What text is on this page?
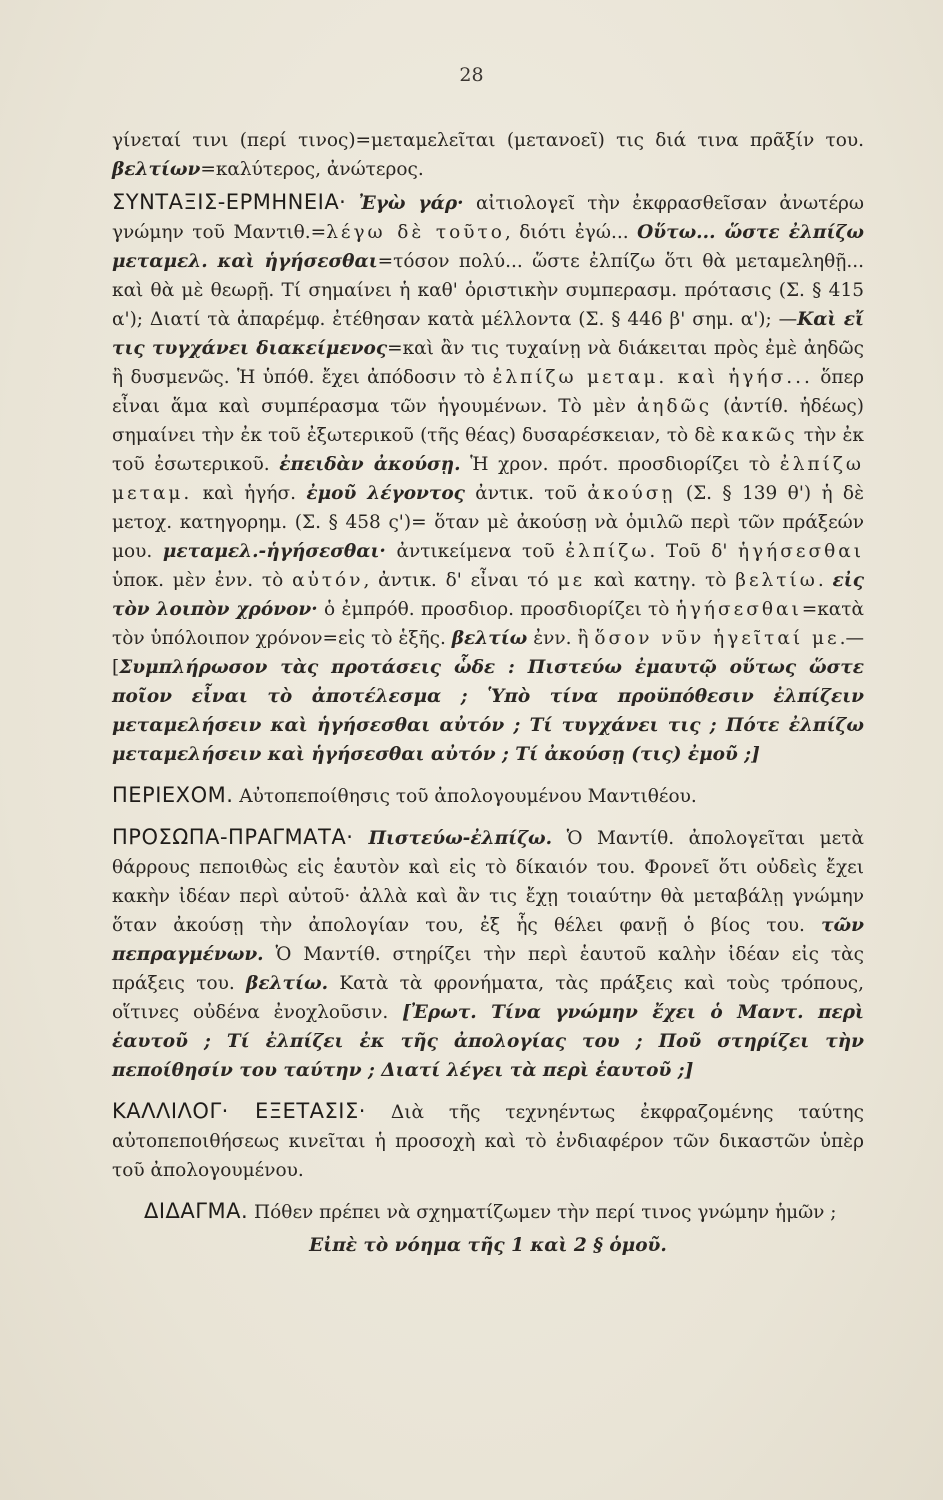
28

γίνεταί τινι (περί τινος)=μεταμελεῖται (μετανοεῖ) τις διά τινα πρᾶξίν του. βελτίων=καλύτερος, ἀνώτερος.

ΣΥΝΤΑΞΙΣ-ΕΡΜΗΝΕΙΑ· Ἐγὼ γάρ· αἰτιολογεῖ τὴν ἐκφρασθεῖσαν ἀνωτέρω γνώμην τοῦ Μαντιθ.=λέγω δὲ τοῦτο, διότι ἐγώ... Οὕτω... ὥστε ἐλπίζω μεταμελ. καὶ ἡγήσεσθαι=τόσον πολύ... ὥστε ἐλπίζω ὅτι θὰ μεταμεληθῇ... καὶ θὰ μὲ θεωρῇ. Τί σημαίνει ἡ καθ' ὁριστικὴν συμπερασμ. πρότασις (Σ. § 415 α'); Διατί τὰ ἀπαρέμφ. ἐτέθησαν κατὰ μέλλοντα (Σ. § 446 β' σημ. α'); —Καὶ εἴ τις τυγχάνει διακείμενος=καὶ ἂν τις τυχαίνῃ νὰ διάκειται πρὸς ἐμὲ ἀηδῶς ἢ δυσμενῶς. Ἡ ὑπόθ. ἔχει ἀπόδοσιν τὸ ἐλπίζω μεταμ. καὶ ἡγήσ... ὅπερ εἶναι ἅμα καὶ συμπέρασμα τῶν ἡγουμένων. Τὸ μὲν ἀηδῶς (ἀντίθ. ἡδέως) σημαίνει τὴν ἐκ τοῦ ἐξωτερικοῦ (τῆς θέας) δυσαρέσκειαν, τὸ δὲ κακῶς τὴν ἐκ τοῦ ἐσωτερικοῦ. ἐπειδὰν ἀκούσῃ. Ἡ χρον. πρότ. προσδιορίζει τὸ ἐλπίζω μεταμ. καὶ ἡγήσ. ἐμοῦ λέγοντος ἀντικ. τοῦ ἀκούσῃ (Σ. § 139 θ') ἡ δὲ μετοχ. κατηγορημ. (Σ. § 458 ς')= ὅταν μὲ ἀκούσῃ νὰ ὁμιλῶ περὶ τῶν πράξεών μου. μεταμελ.-ἡγήσεσθαι· ἀντικείμενα τοῦ ἐλπίζω. Τοῦ δ' ἡγήσεσθαι ὑποκ. μὲν ἐνν. τὸ αὐτόν, ἀντικ. δ' εἶναι τό με καὶ κατηγ. τὸ βελτίω. εἰς τὸν λοιπὸν χρόνον· ὁ ἐμπρόθ. προσδιορ. προσδιορίζει τὸ ἡγήσεσθαι=κατὰ τὸν ὑπόλοιπον χρόνον=εἰς τὸ ἑξῆς. βελτίω ἐνν. ἢ ὅσον νῦν ἡγεῖταί με.—[Συμπλήρωσον τὰς προτάσεις ὧδε : Πιστεύω ἐμαυτῷ οὕτως ὥστε ποῖον εἶναι τὸ ἀποτέλεσμα ; Ὑπὸ τίνα προϋπόθεσιν ἐλπίζειν μεταμελήσειν καὶ ἡγήσεσθαι αὐτόν ; Τί τυγχάνει τις ; Πότε ἐλπίζω μεταμελήσειν καὶ ἡγήσεσθαι αὐτόν ; Τί ἀκούσῃ (τις) ἐμοῦ ;]

ΠΕΡΙΕΧΟΜ. Αὐτοπεποίθησις τοῦ ἀπολογουμένου Μαντιθέου.

ΠΡΟΣΩΠΑ-ΠΡΑΓΜΑΤΑ· Πιστεύω-ἐλπίζω. Ὁ Μαντίθ. ἀπολογεῖται μετὰ θάρρους πεποιθὼς εἰς ἑαυτὸν καὶ εἰς τὸ δίκαιόν του. Φρονεῖ ὅτι οὐδεὶς ἔχει κακὴν ἰδέαν περὶ αὐτοῦ· ἀλλὰ καὶ ἂν τις ἔχῃ τοιαύτην θὰ μεταβάλῃ γνώμην ὅταν ἀκούσῃ τὴν ἀπολογίαν του, ἐξ ἧς θέλει φανῇ ὁ βίος του. τῶν πεπραγμένων. Ὁ Μαντίθ. στηρίζει τὴν περὶ ἑαυτοῦ καλὴν ἰδέαν εἰς τὰς πράξεις του. βελτίω. Κατὰ τὰ φρονήματα, τὰς πράξεις καὶ τοὺς τρόπους, οἵτινες οὐδένα ἐνοχλοῦσιν. [Ἐρωτ. Τίνα γνώμην ἔχει ὁ Μαντ. περὶ ἑαυτοῦ ; Τί ἐλπίζει ἐκ τῆς ἀπολογίας του ; Ποῦ στηρίζει τὴν πεποίθησίν του ταύτην ; Διατί λέγει τὰ περὶ ἑαυτοῦ ;]

ΚΑΛΛΙΛΟΓ· ΕΞΕΤΑΣΙΣ· Διὰ τῆς τεχνηέντως ἐκφραζομένης ταύτης αὐτοπεποιθήσεως κινεῖται ἡ προσοχὴ καὶ τὸ ἐνδιαφέρον τῶν δικαστῶν ὑπὲρ τοῦ ἀπολογουμένου.

ΔΙΔΑΓΜΑ. Πόθεν πρέπει νὰ σχηματίζωμεν τὴν περί τινος γνώμην ἡμῶν ;

Εἰπὲ τὸ νόημα τῆς 1 καὶ 2 § ὁμοῦ.
